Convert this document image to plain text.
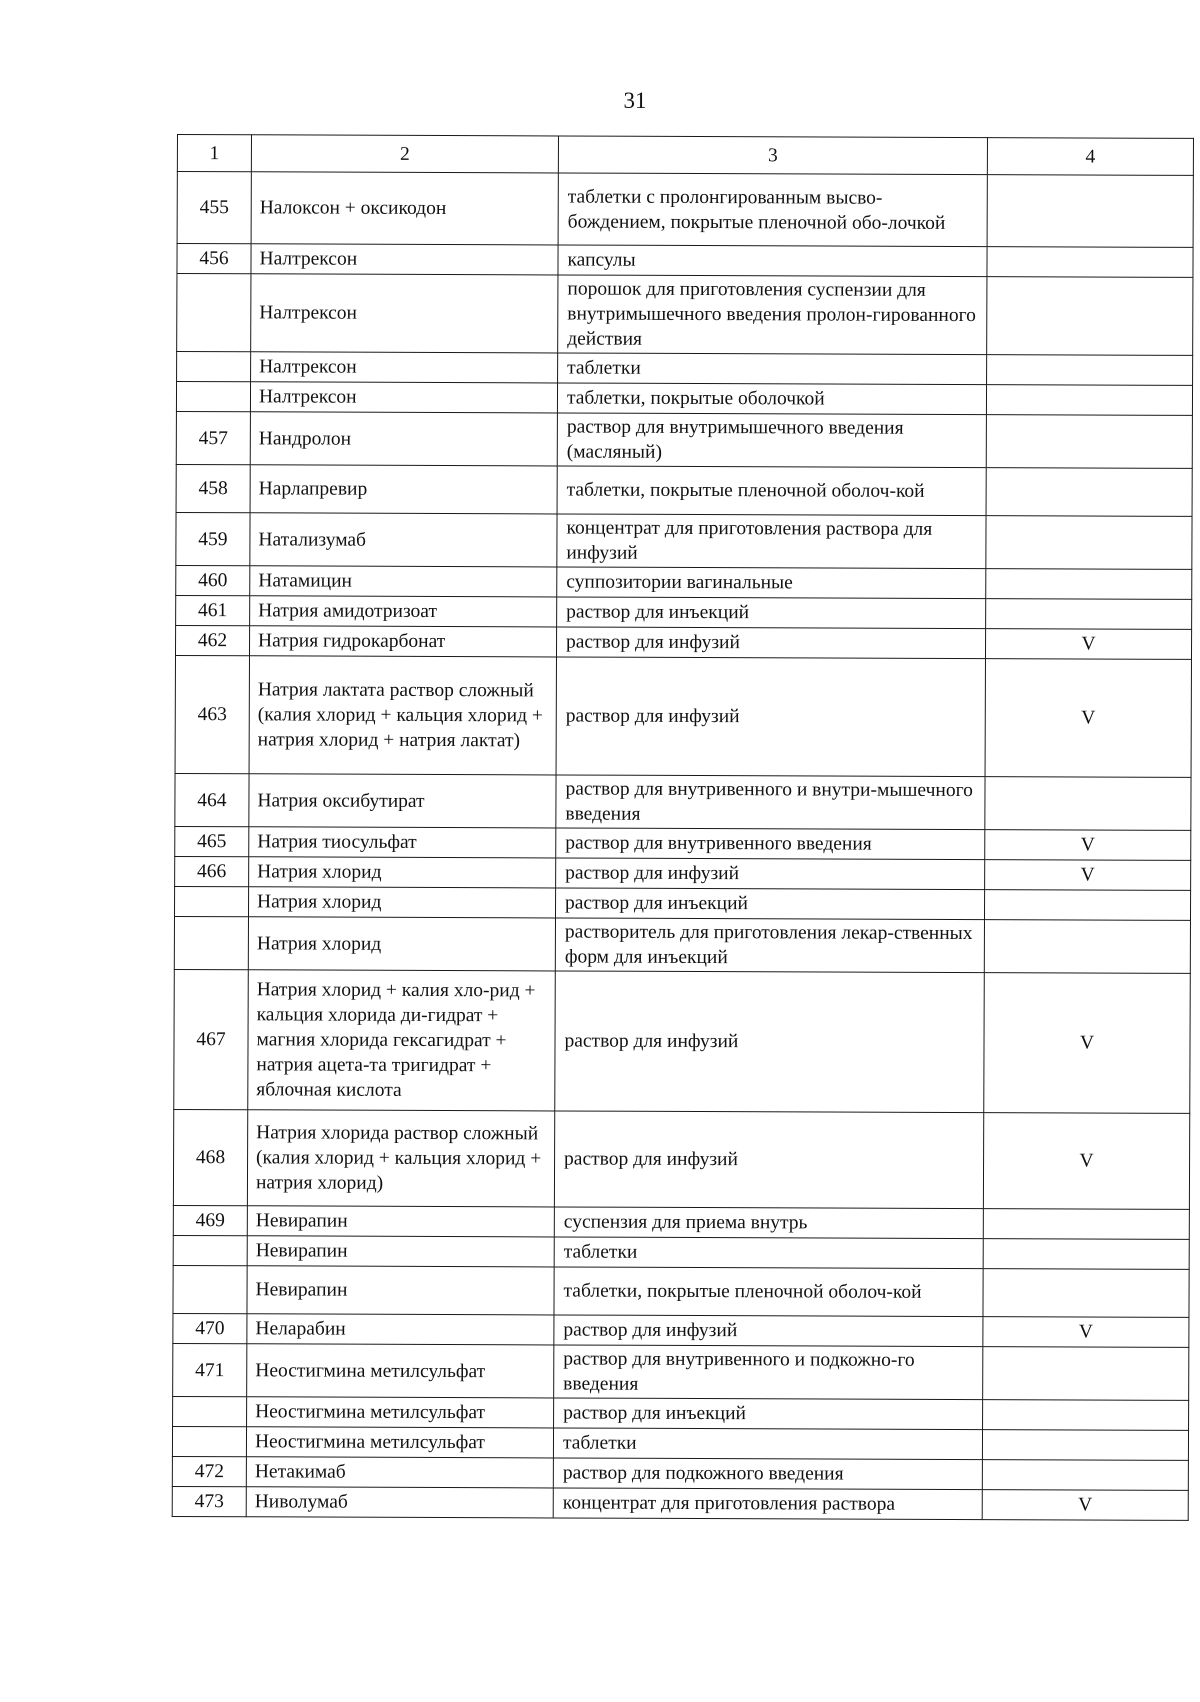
31
1	2	3	4
455	Налоксон + оксикодон	таблетки с пролонгированным высво-бождением, покрытые пленочной обо-лочкой	
456	Налтрексон	капсулы	
	Налтрексон	порошок для приготовления суспензии для внутримышечного введения пролон-гированного действия	
	Налтрексон	таблетки	
	Налтрексон	таблетки, покрытые оболочкой	
457	Нандролон	раствор для внутримышечного введения (масляный)	
458	Нарлапревир	таблетки, покрытые пленочной оболоч-кой	
459	Натализумаб	концентрат для приготовления раствора для инфузий	
460	Натамицин	суппозитории вагинальные	
461	Натрия амидотризоат	раствор для инъекций	
462	Натрия гидрокарбонат	раствор для инфузий	V
463	Натрия лактата раствор сложный (калия хлорид + кальция хлорид + натрия хлорид + натрия лактат)	раствор для инфузий	V
464	Натрия оксибутират	раствор для внутривенного и внутри-мышечного введения	
465	Натрия тиосульфат	раствор для внутривенного введения	V
466	Натрия хлорид	раствор для инфузий	V
	Натрия хлорид	раствор для инъекций	
	Натрия хлорид	растворитель для приготовления лекар-ственных форм для инъекций	
467	Натрия хлорид + калия хло-рид + кальция хлорида ди-гидрат + магния хлорида гексагидрат + натрия ацета-та тригидрат + яблочная кислота	раствор для инфузий	V
468	Натрия хлорида раствор сложный (калия хлорид + кальция хлорид + натрия хлорид)	раствор для инфузий	V
469	Невирапин	суспензия для приема внутрь	
	Невирапин	таблетки	
	Невирапин	таблетки, покрытые пленочной оболоч-кой	
470	Неларабин	раствор для инфузий	V
471	Неостигмина метилсульфат	раствор для внутривенного и подкожно-го введения	
	Неостигмина метилсульфат	раствор для инъекций	
	Неостигмина метилсульфат	таблетки	
472	Нетакимаб	раствор для подкожного введения	
473	Ниволумаб	концентрат для приготовления раствора	V
